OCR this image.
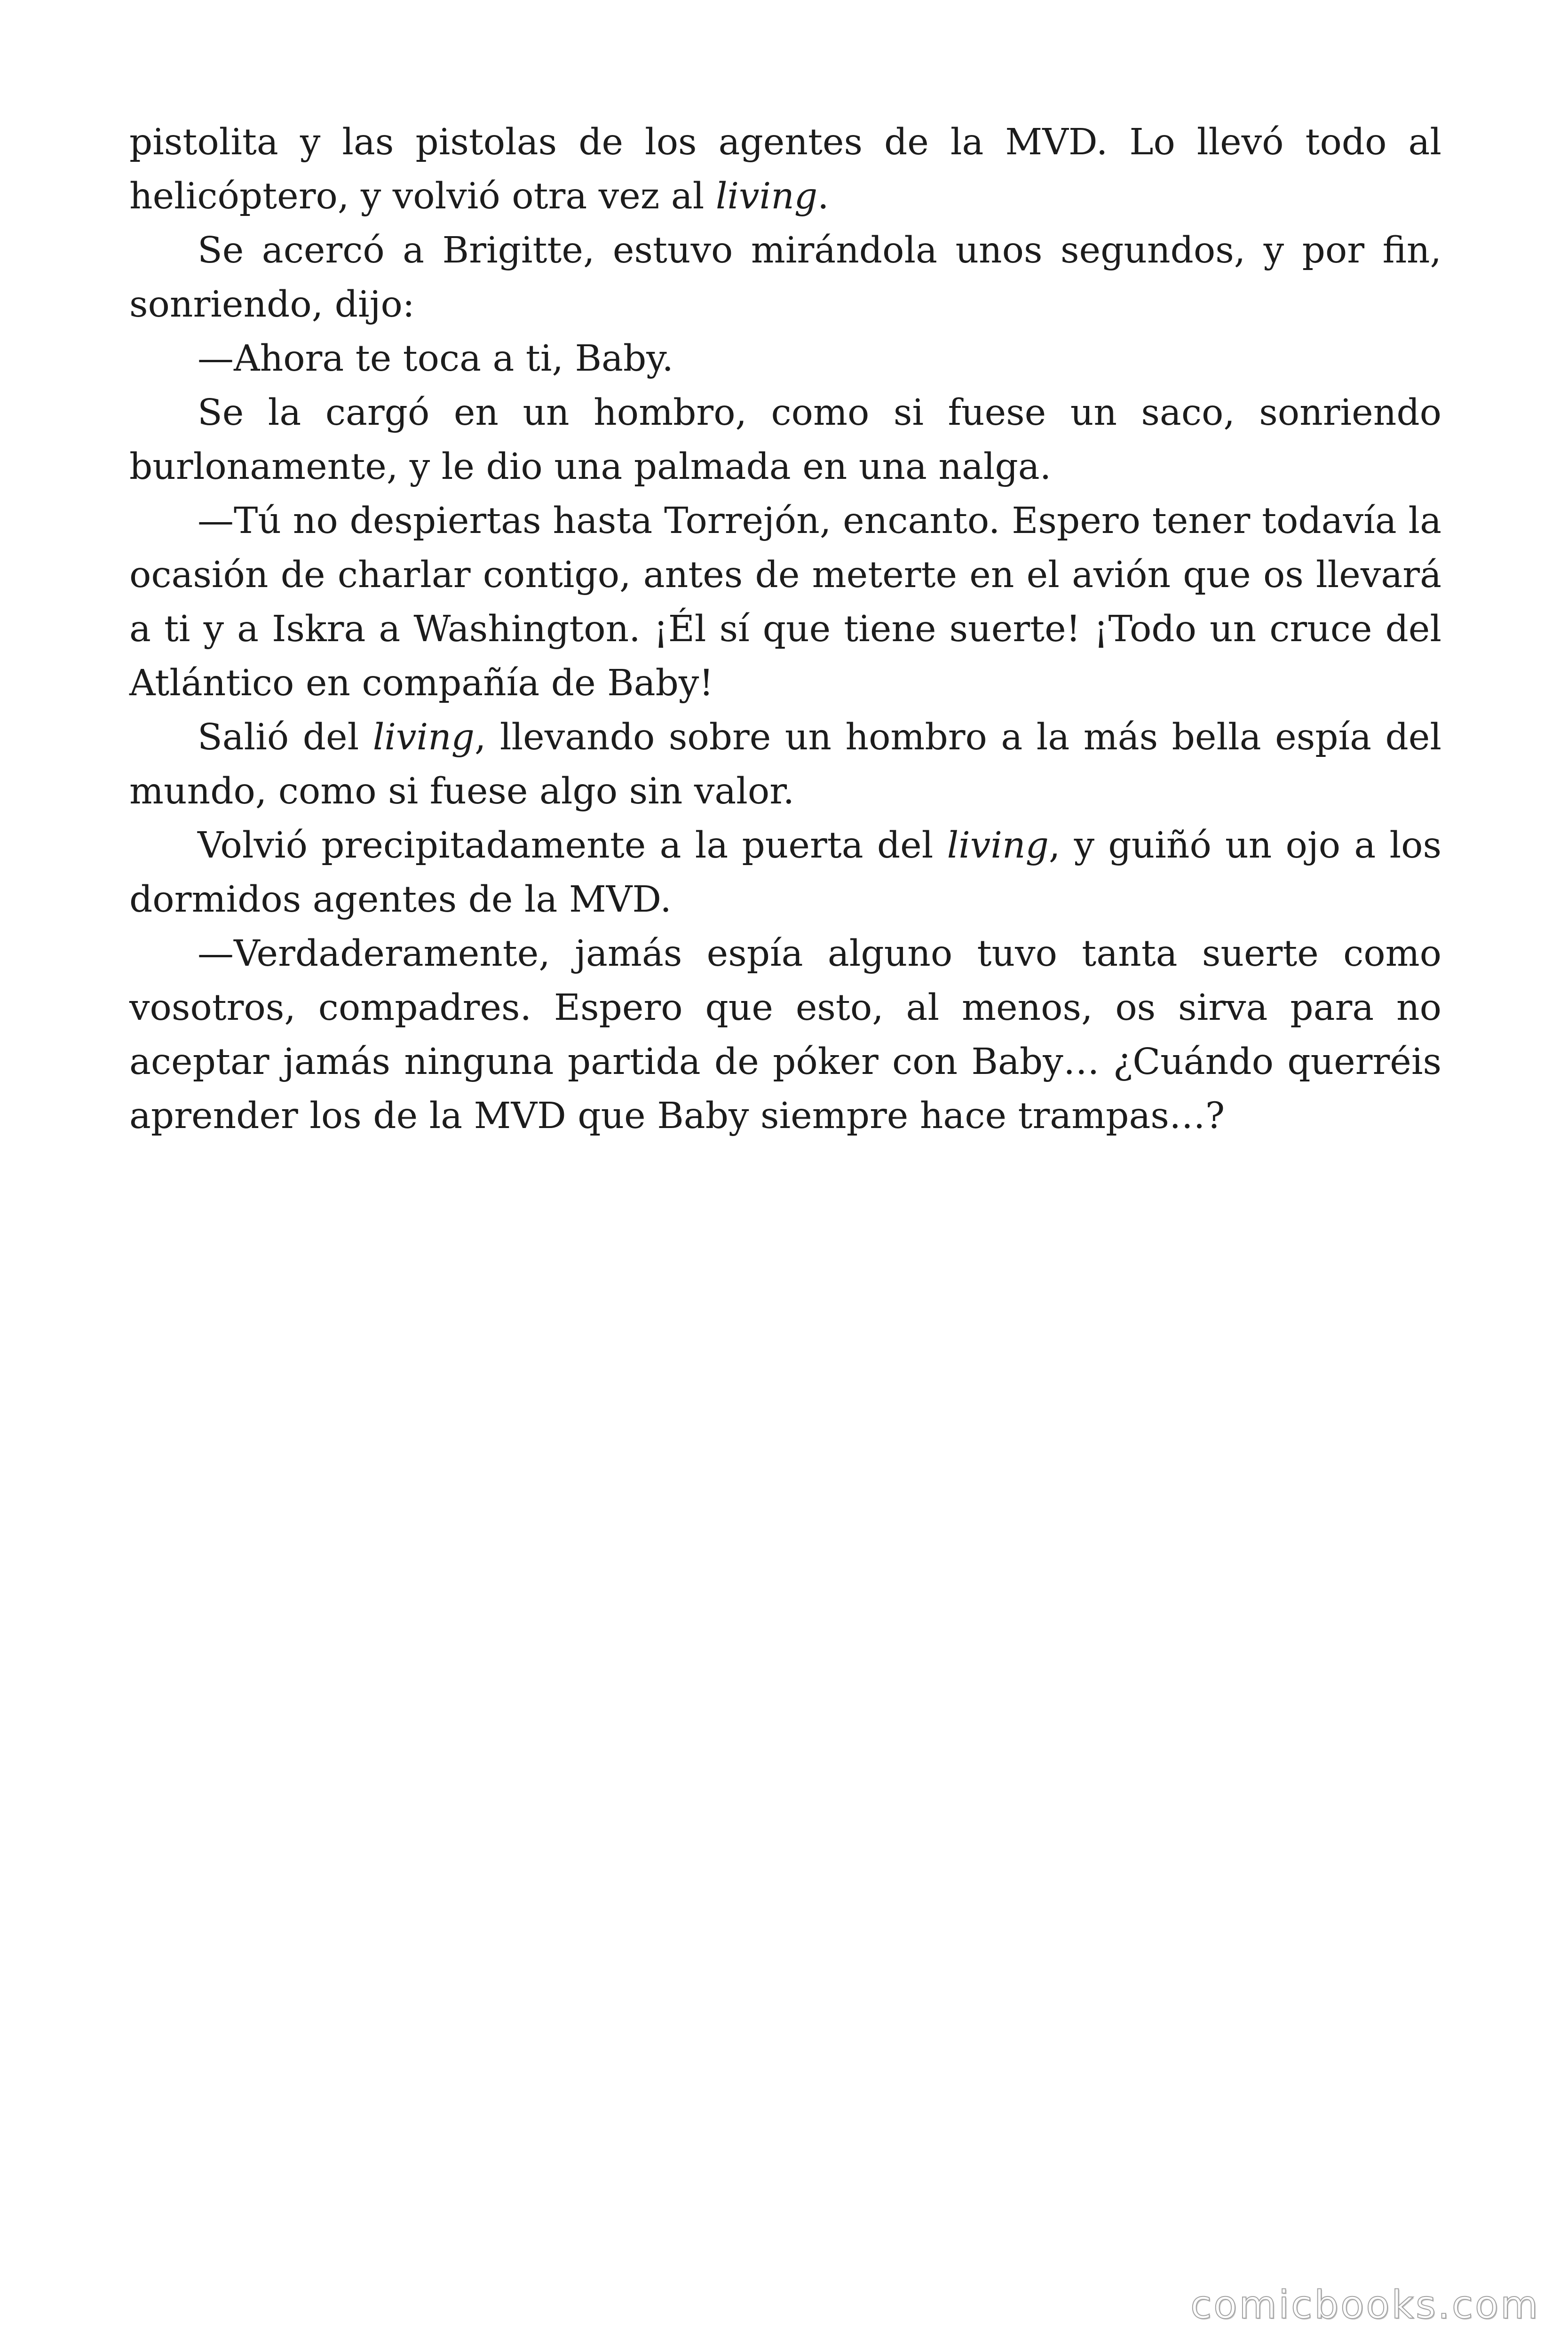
pistolita y las pistolas de los agentes de la MVD. Lo llevó todo al helicóptero, y volvió otra vez al living.

Se acercó a Brigitte, estuvo mirándola unos segundos, y por fin, sonriendo, dijo:

—Ahora te toca a ti, Baby.

Se la cargó en un hombro, como si fuese un saco, sonriendo burlonamente, y le dio una palmada en una nalga.

—Tú no despiertas hasta Torrejón, encanto. Espero tener todavía la ocasión de charlar contigo, antes de meterte en el avión que os llevará a ti y a Iskra a Washington. ¡Él sí que tiene suerte! ¡Todo un cruce del Atlántico en compañía de Baby!

Salió del living, llevando sobre un hombro a la más bella espía del mundo, como si fuese algo sin valor.

Volvió precipitadamente a la puerta del living, y guiñó un ojo a los dormidos agentes de la MVD.

—Verdaderamente, jamás espía alguno tuvo tanta suerte como vosotros, compadres. Espero que esto, al menos, os sirva para no aceptar jamás ninguna partida de póker con Baby… ¿Cuándo querréis aprender los de la MVD que Baby siempre hace trampas…?

comicbooks.com
